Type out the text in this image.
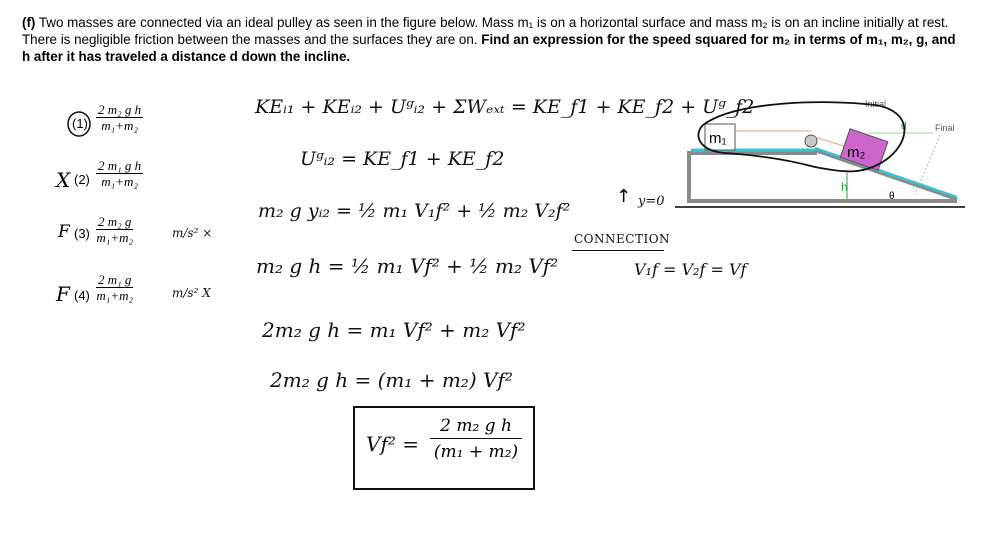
(f) Two masses are connected via an ideal pulley as seen in the figure below. Mass m₁ is on a horizontal surface and mass m₂ is on an incline initially at rest. There is negligible friction between the masses and the surfaces they are on. Find an expression for the speed squared for m₂ in terms of m₁, m₂, g, and h after it has traveled a distance d down the incline.
$(1) \frac{\text{2 m₂ g h}}{\text{m₁+m₂}}$
X $(2) \frac{\text{2 m₁ g h}}{\text{m₁+m₂}}$
F $(3) \frac{\text{2 m₂ g}}{\text{m₁+m₂}}$	m/s² ×
F $(4) \frac{\text{2 m₁ g}}{\text{m₁+m₂}}$	m/s² X
KEᵢ₁ + KEᵢ₂ + Uᵍᵢ₂ + ΣWₑₓₜ = KE_f1 + KE_f2 + Uᵍ_f2
Uᵍᵢ₂ = KE_f1 + KE_f2
m₂ g yᵢ₂ = ½ m₁ V₁f² + ½ m₂ V₂f²
m₂ g h = ½ m₁ Vf² + ½ m₂ Vf²
2m₂ g h = m₁ Vf² + m₂ Vf²
2m₂ g h = (m₁ + m₂) Vf²
$Vf^2 = \frac{\text{2 m₂ g h}}{\text{(m₁ + m₂)}}$
y=0
↑
CONNECTION
V₁f = V₂f = Vf
m₁
m₂
h
d
θ
Initial
Final
